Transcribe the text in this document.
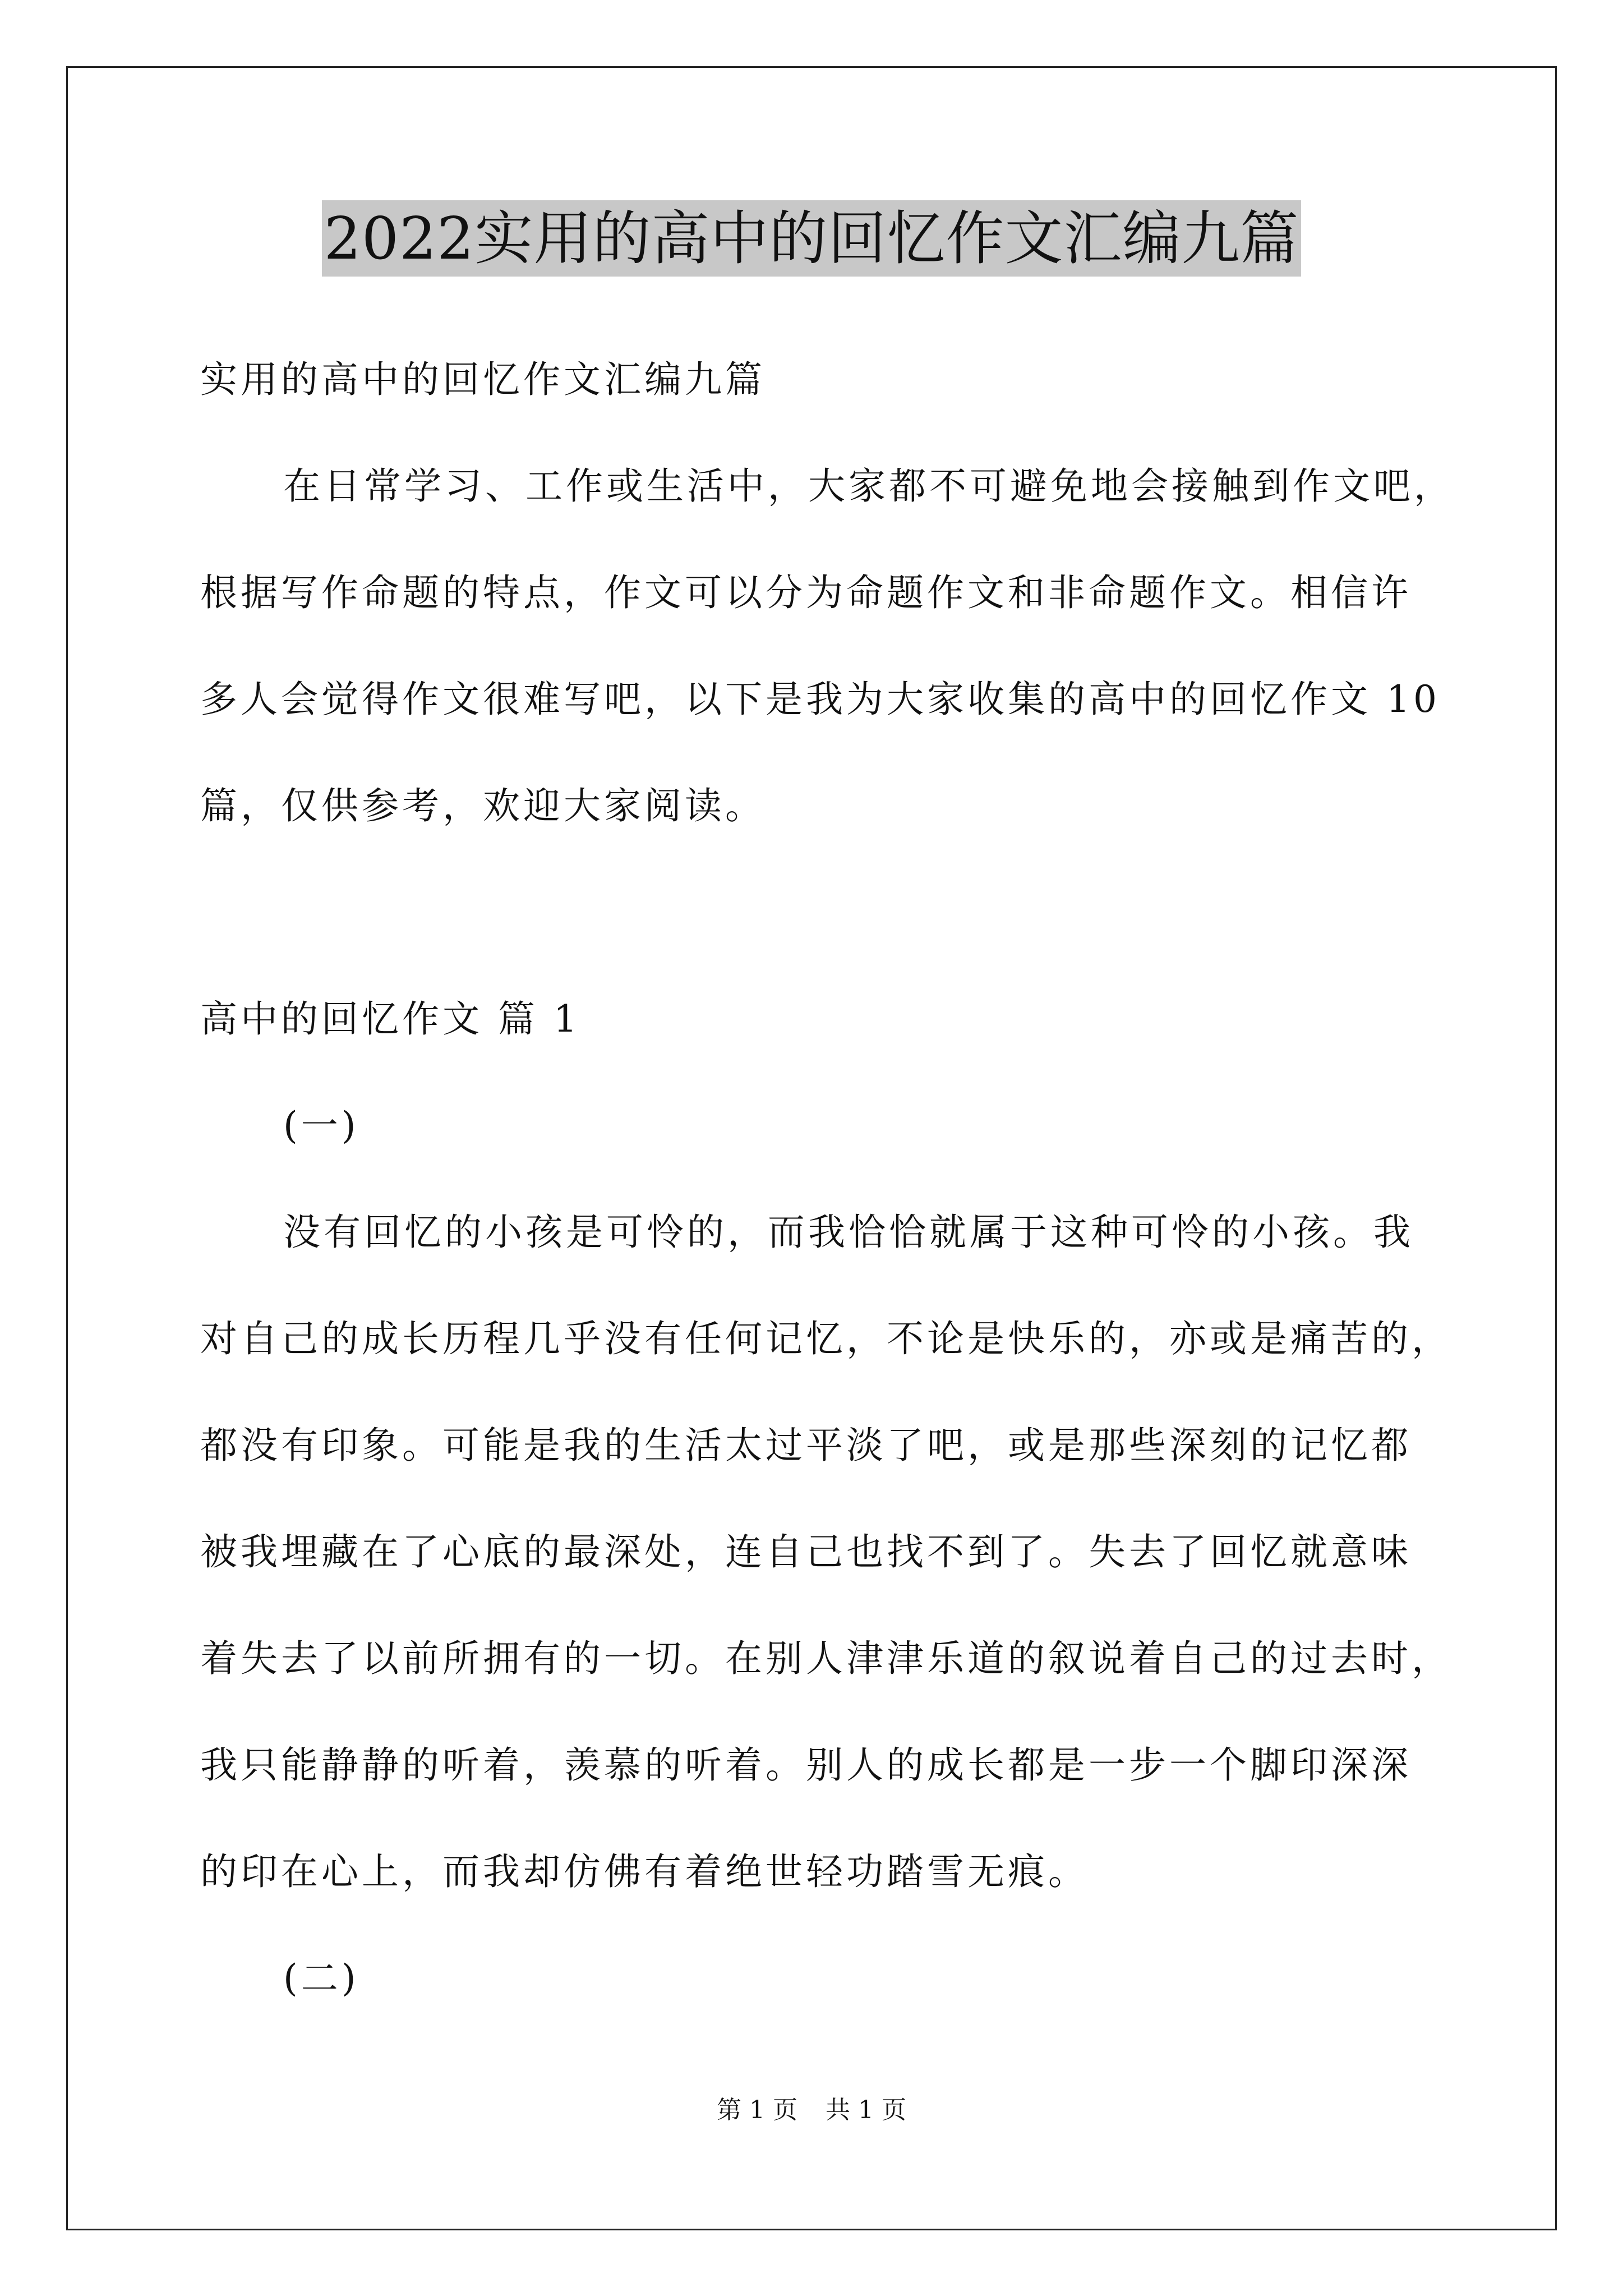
2022实用的高中的回忆作文汇编九篇
实用的高中的回忆作文汇编九篇
在日常学习、工作或生活中，大家都不可避免地会接触到作文吧，
根据写作命题的特点，作文可以分为命题作文和非命题作文。相信许
多人会觉得作文很难写吧，以下是我为大家收集的高中的回忆作文 10
篇，仅供参考，欢迎大家阅读。
高中的回忆作文 篇 1
(一)
没有回忆的小孩是可怜的，而我恰恰就属于这种可怜的小孩。我
对自己的成长历程几乎没有任何记忆，不论是快乐的，亦或是痛苦的，
都没有印象。可能是我的生活太过平淡了吧，或是那些深刻的记忆都
被我埋藏在了心底的最深处，连自己也找不到了。失去了回忆就意味
着失去了以前所拥有的一切。在别人津津乐道的叙说着自己的过去时，
我只能静静的听着，羡慕的听着。别人的成长都是一步一个脚印深深
的印在心上，而我却仿佛有着绝世轻功踏雪无痕。
(二)
第 1 页 共 1 页
